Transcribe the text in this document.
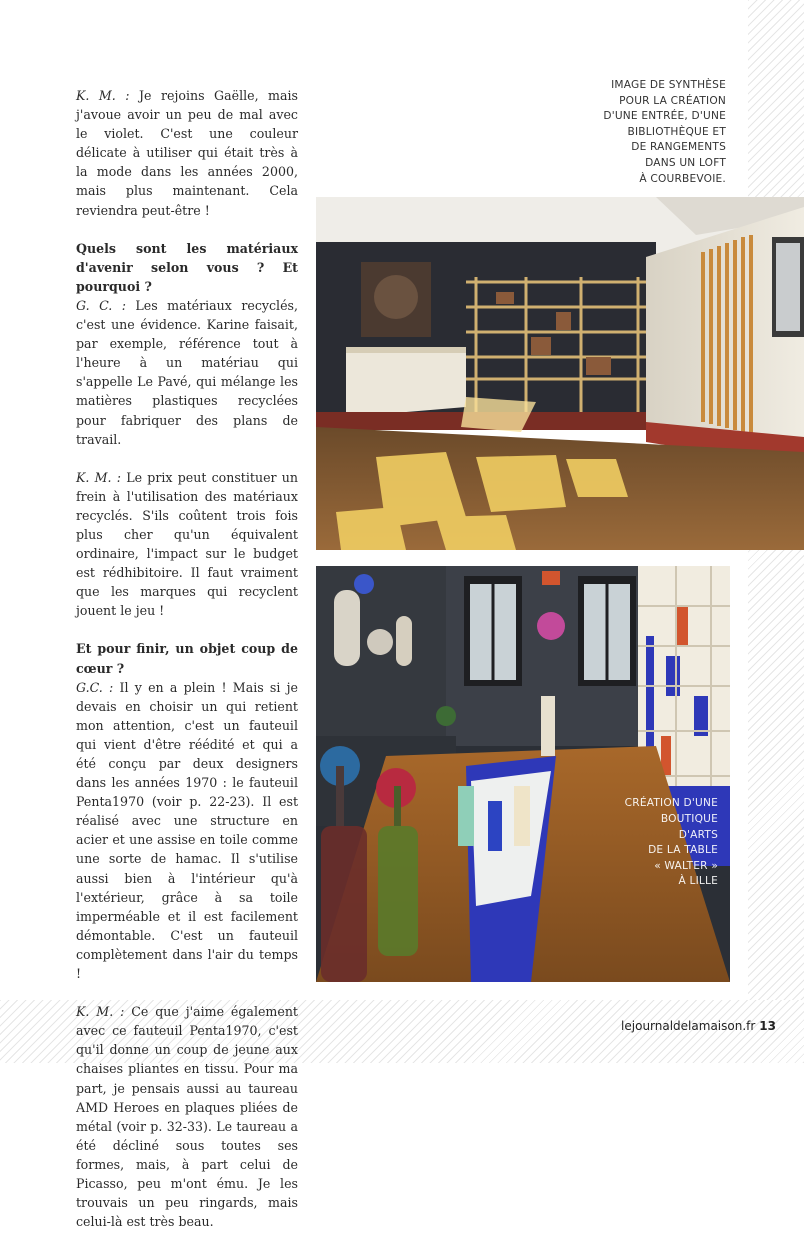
K. M. : Je rejoins Gaëlle, mais j'avoue avoir un peu de mal avec le violet. C'est une couleur délicate à utiliser qui était très à la mode dans les années 2000, mais plus maintenant. Cela reviendra peut-être !

Quels sont les matériaux d'avenir selon vous ? Et pourquoi ?

G. C. : Les matériaux recyclés, c'est une évidence. Karine faisait, par exemple, référence tout à l'heure à un matériau qui s'appelle Le Pavé, qui mélange les matières plastiques recyclées pour fabriquer des plans de travail.

K. M. : Le prix peut constituer un frein à l'utilisation des matériaux recyclés. S'ils coûtent trois fois plus cher qu'un équivalent ordinaire, l'impact sur le budget est rédhibitoire. Il faut vraiment que les marques qui recyclent jouent le jeu !

Et pour finir, un objet coup de cœur ?

G.C. : Il y en a plein ! Mais si je devais en choisir un qui retient mon attention, c'est un fauteuil qui vient d'être réédité et qui a été conçu par deux designers dans les années 1970 : le fauteuil Penta1970 (voir p. 22-23). Il est réalisé avec une structure en acier et une assise en toile comme une sorte de hamac. Il s'utilise aussi bien à l'intérieur qu'à l'extérieur, grâce à sa toile imperméable et il est facilement démontable. C'est un fauteuil complètement dans l'air du temps !

K. M. : Ce que j'aime également avec ce fauteuil Penta1970, c'est qu'il donne un coup de jeune aux chaises pliantes en tissu. Pour ma part, je pensais aussi au taureau AMD Heroes en plaques pliées de métal (voir p. 32-33). Le taureau a été décliné sous toutes ses formes, mais, à part celui de Picasso, peu m'ont ému. Je les trouvais un peu ringards, mais celui-là est très beau.

IMAGE DE SYNTHÈSE
POUR LA CRÉATION
D'UNE ENTRÉE, D'UNE
BIBLIOTHÈQUE ET
DE RANGEMENTS
DANS UN LOFT
À COURBEVOIE.
CRÉATION D'UNE
BOUTIQUE
D'ARTS
DE LA TABLE
« WALTER »
À LILLE
lejournaldelamaison.fr 13
